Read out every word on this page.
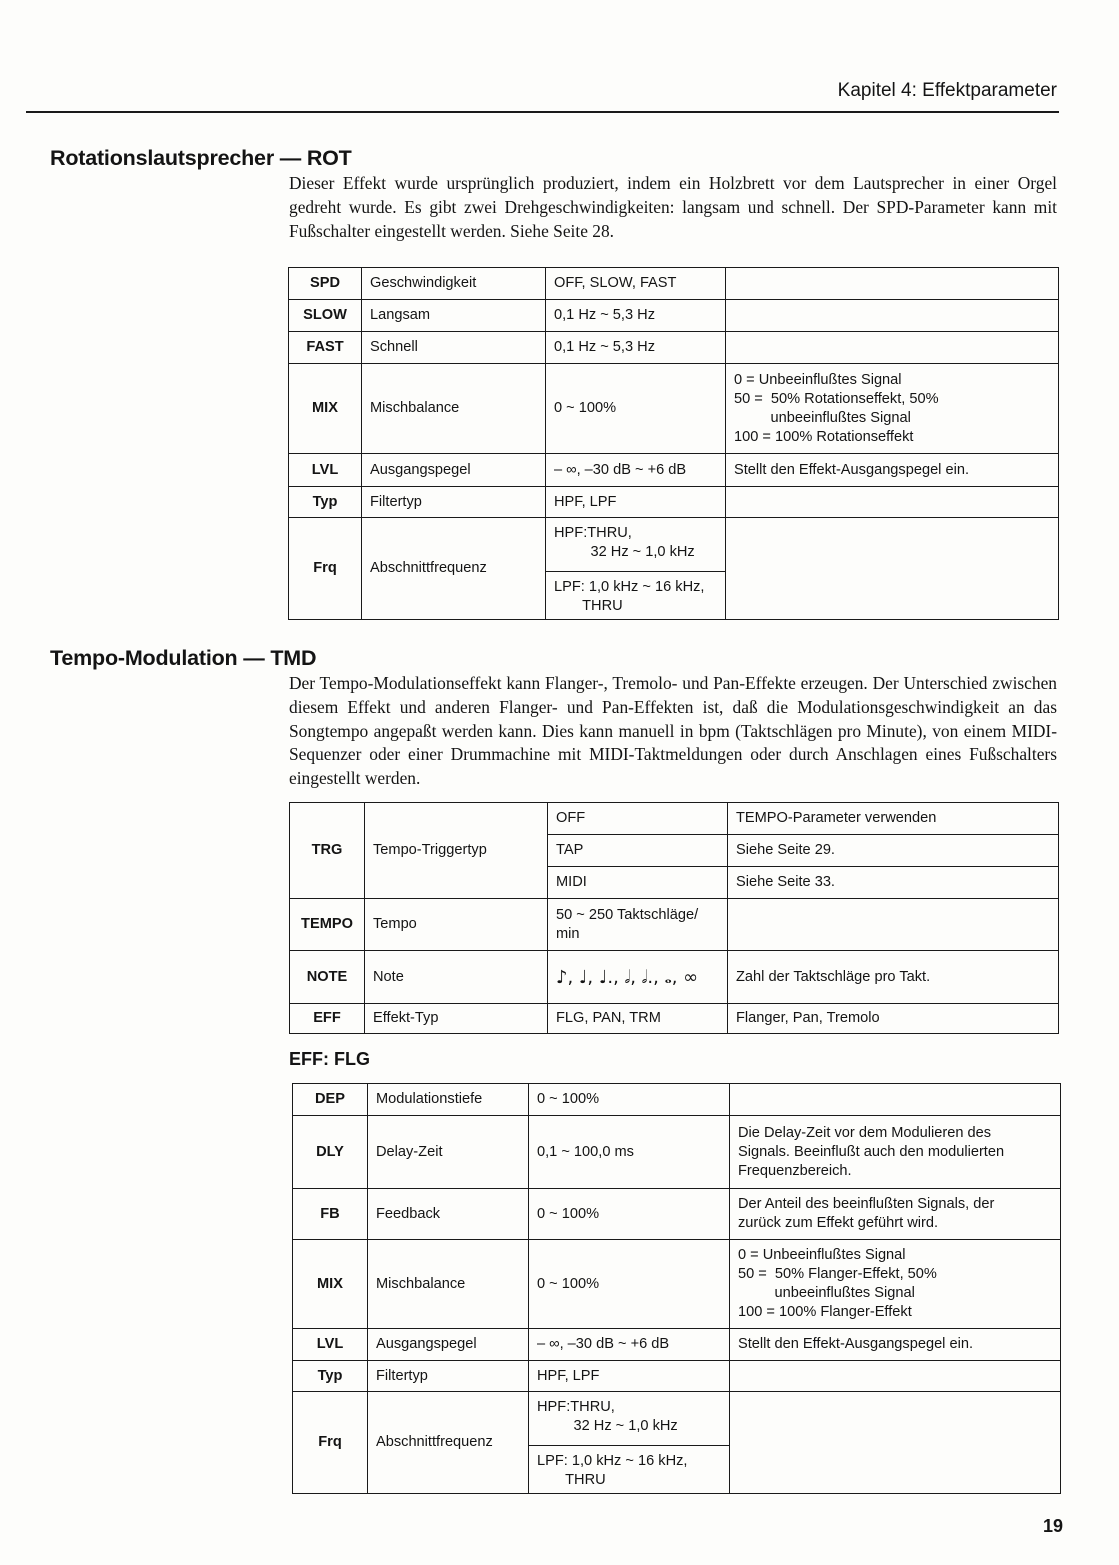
Kapitel 4: Effektparameter
Rotationslautsprecher — ROT

Dieser Effekt wurde ursprünglich produziert, indem ein Holzbrett vor dem Lautsprecher in einer Orgel gedreht wurde. Es gibt zwei Drehgeschwindigkeiten: langsam und schnell. Der SPD-Parameter kann mit Fußschalter eingestellt werden. Siehe Seite 28.

SPD	Geschwindigkeit	OFF, SLOW, FAST	
SLOW	Langsam	0,1 Hz ~ 5,3 Hz	
FAST	Schnell	0,1 Hz ~ 5,3 Hz	
MIX	Mischbalance	0 ~ 100%	0 = Unbeeinflußtes Signal
50 =  50% Rotationseffekt, 50%
unbeeinflußtes Signal
100 = 100% Rotationseffekt
LVL	Ausgangspegel	– ∞, –30 dB ~ +6 dB	Stellt den Effekt-Ausgangspegel ein.
Typ	Filtertyp	HPF, LPF	
Frq	Abschnittfrequenz	HPF:THRU,
32 Hz ~ 1,0 kHz	
		LPF: 1,0 kHz ~ 16 kHz,
THRU	
Tempo-Modulation — TMD

Der Tempo-Modulationseffekt kann Flanger-, Tremolo- und Pan-Effekte erzeugen. Der Unterschied zwischen diesem Effekt und anderen Flanger- und Pan-Effekten ist, daß die Modulationsgeschwindigkeit an das Songtempo angepaßt werden kann. Dies kann manuell in bpm (Taktschlägen pro Minute), von einem MIDI-Sequenzer oder einer Drummachine mit MIDI-Taktmeldungen oder durch Anschlagen eines Fußschalters eingestellt werden.

TRG	Tempo-Triggertyp	OFF	TEMPO-Parameter verwenden
		TAP	Siehe Seite 29.
		MIDI	Siehe Seite 33.
TEMPO	Tempo	50 ~ 250 Taktschläge/
min	
NOTE	Note	♪, ♩, ♩., 𝅗𝅥, 𝅗𝅥., 𝅝, ∞	Zahl der Taktschläge pro Takt.
EFF	Effekt-Typ	FLG, PAN, TRM	Flanger, Pan, Tremolo
EFF: FLG
DEP	Modulationstiefe	0 ~ 100%	
DLY	Delay-Zeit	0,1 ~ 100,0 ms	Die Delay-Zeit vor dem Modulieren des
Signals. Beeinflußt auch den modulierten
Frequenzbereich.
FB	Feedback	0 ~ 100%	Der Anteil des beeinflußten Signals, der
zurück zum Effekt geführt wird.
MIX	Mischbalance	0 ~ 100%	0 = Unbeeinflußtes Signal
50 =  50% Flanger-Effekt, 50%
unbeeinflußtes Signal
100 = 100% Flanger-Effekt
LVL	Ausgangspegel	– ∞, –30 dB ~ +6 dB	Stellt den Effekt-Ausgangspegel ein.
Typ	Filtertyp	HPF, LPF	
Frq	Abschnittfrequenz	HPF:THRU,
32 Hz ~ 1,0 kHz	
		LPF: 1,0 kHz ~ 16 kHz,
THRU	
19
